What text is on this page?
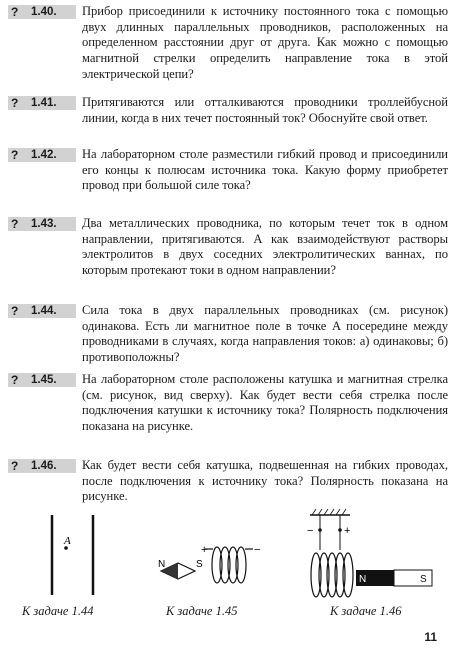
? 1.40. Прибор присоединили к источнику постоянного тока с помощью двух длинных параллельных проводников, расположенных на определенном расстоянии друг от друга. Как можно с помощью магнитной стрелки определить направление тока в этой электрической цепи?
? 1.41. Притягиваются или отталкиваются проводники троллейбусной линии, когда в них течет постоянный ток? Обоснуйте свой ответ.
? 1.42. На лабораторном столе разместили гибкий провод и присоединили его концы к полюсам источника тока. Какую форму приобретет провод при большой силе тока?
? 1.43. Два металлических проводника, по которым течет ток в одном направлении, притягиваются. А как взаимодействуют растворы электролитов в двух соседних электролитических ваннах, по которым протекают токи в одном направлении?
? 1.44. Сила тока в двух параллельных проводниках (см. рисунок) одинакова. Есть ли магнитное поле в точке A посередине между проводниками в случаях, когда направления токов: а) одинаковы; б) противоположны?
? 1.45. На лабораторном столе расположены катушка и магнитная стрелка (см. рисунок, вид сверху). Как будет вести себя стрелка после подключения катушки к источнику тока? Полярность подключения показана на рисунке.
? 1.46. Как будет вести себя катушка, подвешенная на гибких проводах, после подключения к источнику тока? Полярность показана на рисунке.
A
N	S
+	−
−	+
N	S
К задаче 1.44	К задаче 1.45	К задаче 1.46
11
